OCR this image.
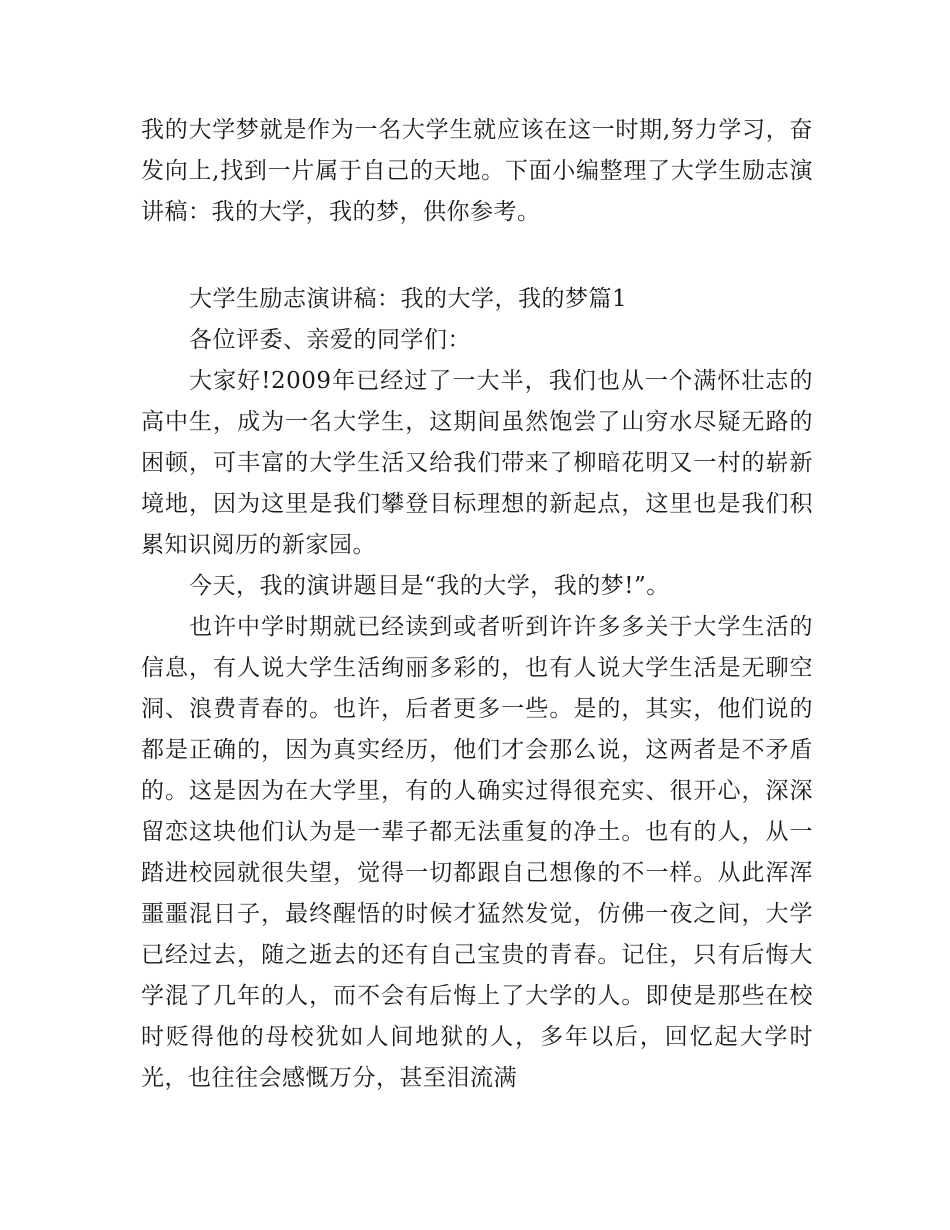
我的大学梦就是作为一名大学生就应该在这一时期,努力学习，奋发向上,找到一片属于自己的天地。下面小编整理了大学生励志演讲稿：我的大学，我的梦，供你参考。

大学生励志演讲稿：我的大学，我的梦篇1

各位评委、亲爱的同学们：

大家好!2009年已经过了一大半，我们也从一个满怀壮志的高中生，成为一名大学生，这期间虽然饱尝了山穷水尽疑无路的困顿，可丰富的大学生活又给我们带来了柳暗花明又一村的崭新境地，因为这里是我们攀登目标理想的新起点，这里也是我们积累知识阅历的新家园。

今天，我的演讲题目是“我的大学，我的梦!”。

也许中学时期就已经读到或者听到许许多多关于大学生活的信息，有人说大学生活绚丽多彩的，也有人说大学生活是无聊空洞、浪费青春的。也许，后者更多一些。是的，其实，他们说的都是正确的，因为真实经历，他们才会那么说，这两者是不矛盾的。这是因为在大学里，有的人确实过得很充实、很开心，深深留恋这块他们认为是一辈子都无法重复的净土。也有的人，从一踏进校园就很失望，觉得一切都跟自己想像的不一样。从此浑浑噩噩混日子，最终醒悟的时候才猛然发觉，仿佛一夜之间，大学已经过去，随之逝去的还有自己宝贵的青春。记住，只有后悔大学混了几年的人，而不会有后悔上了大学的人。即使是那些在校时贬得他的母校犹如人间地狱的人，多年以后，回忆起大学时光，也往往会感慨万分，甚至泪流满
